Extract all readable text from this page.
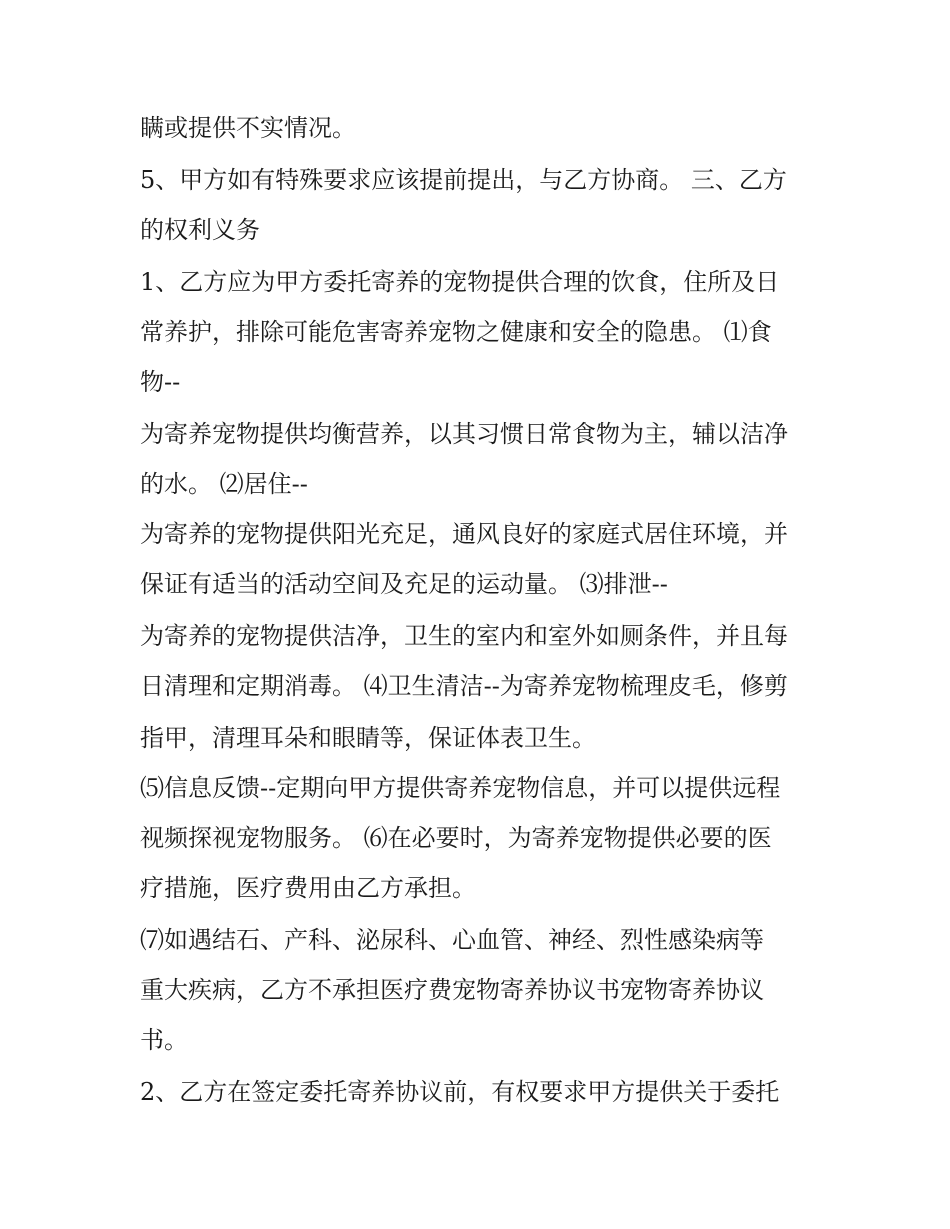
瞒或提供不实情况。
5、甲方如有特殊要求应该提前提出，与乙方协商。 三、乙方
的权利义务
1、乙方应为甲方委托寄养的宠物提供合理的饮食，住所及日
常养护，排除可能危害寄养宠物之健康和安全的隐患。 ⑴食
物--
为寄养宠物提供均衡营养，以其习惯日常食物为主，辅以洁净
的水。 ⑵居住--
为寄养的宠物提供阳光充足，通风良好的家庭式居住环境，并
保证有适当的活动空间及充足的运动量。 ⑶排泄--
为寄养的宠物提供洁净，卫生的室内和室外如厕条件，并且每
日清理和定期消毒。 ⑷卫生清洁--为寄养宠物梳理皮毛，修剪
指甲，清理耳朵和眼睛等，保证体表卫生。
⑸信息反馈--定期向甲方提供寄养宠物信息，并可以提供远程
视频探视宠物服务。 ⑹在必要时，为寄养宠物提供必要的医
疗措施，医疗费用由乙方承担。
⑺如遇结石、产科、泌尿科、心血管、神经、烈性感染病等
重大疾病，乙方不承担医疗费宠物寄养协议书宠物寄养协议
书。
2、乙方在签定委托寄养协议前，有权要求甲方提供关于委托
